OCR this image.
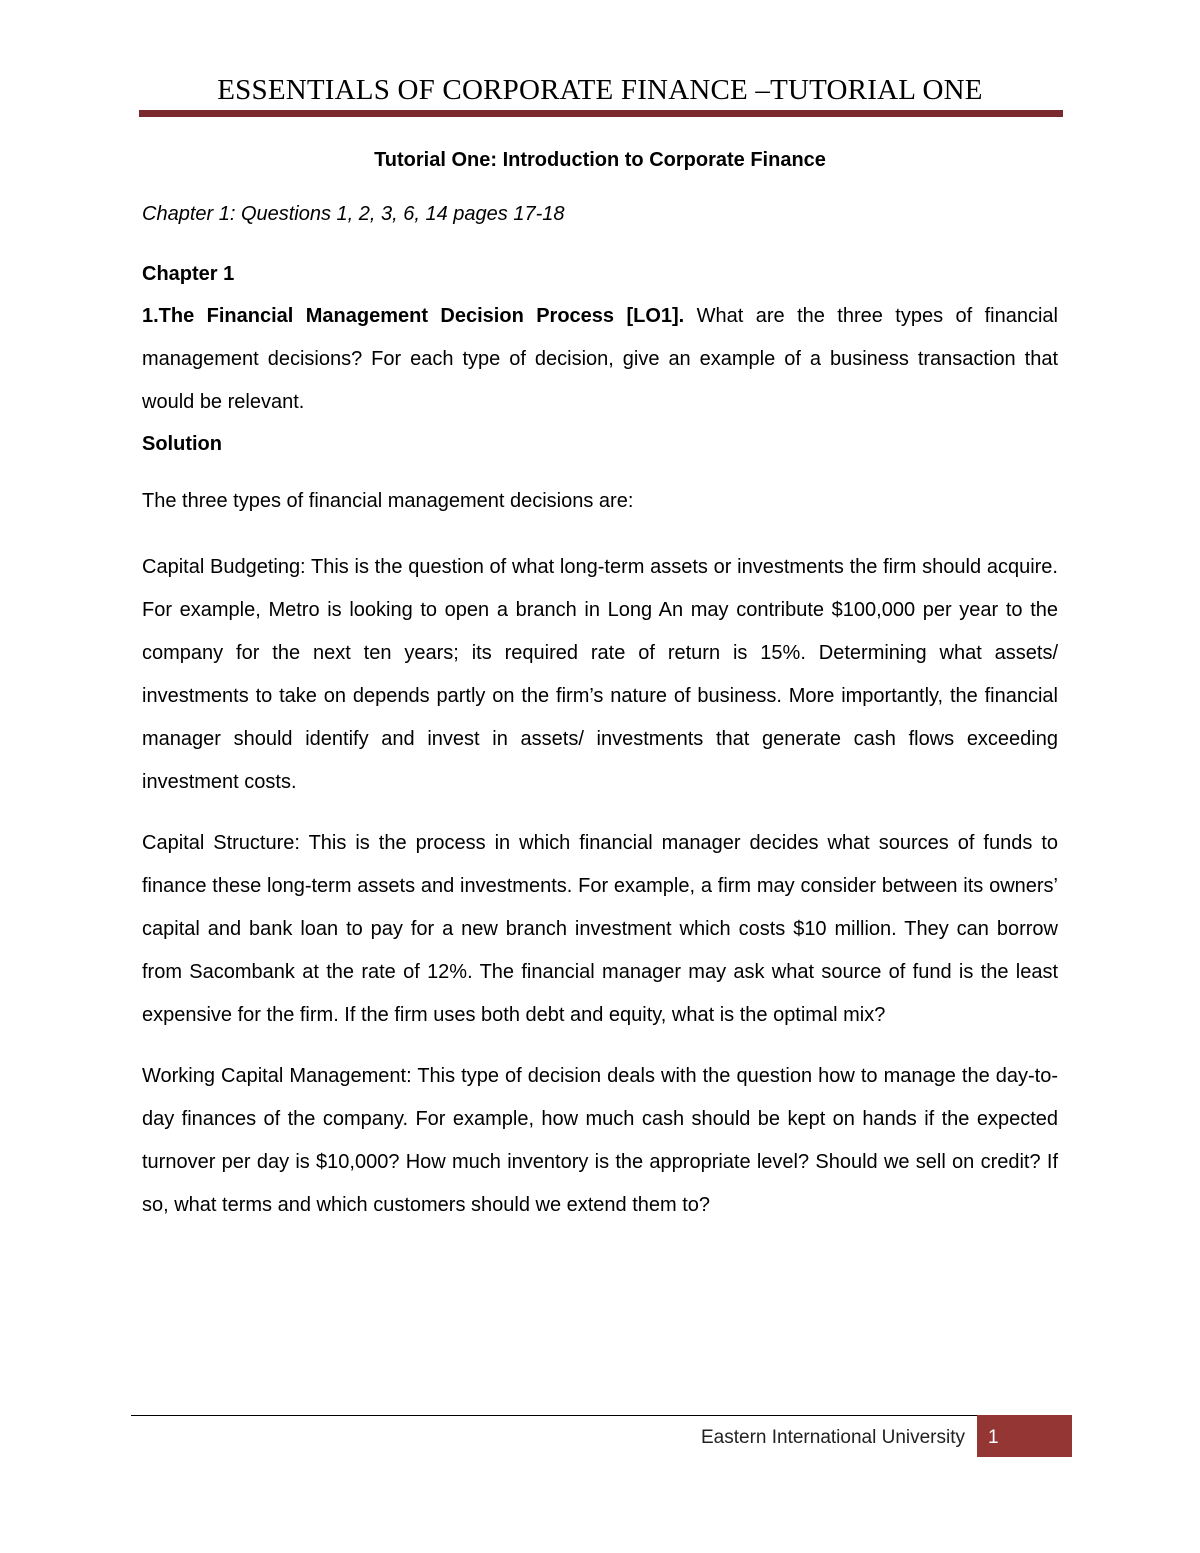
ESSENTIALS OF CORPORATE FINANCE –TUTORIAL ONE

Tutorial One: Introduction to Corporate Finance

Chapter 1: Questions 1, 2, 3, 6, 14 pages 17-18

Chapter 1

1.The Financial Management Decision Process [LO1]. What are the three types of financial management decisions? For each type of decision, give an example of a business transaction that would be relevant.

Solution

The three types of financial management decisions are:

Capital Budgeting: This is the question of what long-term assets or investments the firm should acquire. For example, Metro is looking to open a branch in Long An may contribute $100,000 per year to the company for the next ten years; its required rate of return is 15%. Determining what assets/ investments to take on depends partly on the firm’s nature of business. More importantly, the financial manager should identify and invest in assets/ investments that generate cash flows exceeding investment costs.

Capital Structure: This is the process in which financial manager decides what sources of funds to finance these long-term assets and investments. For example, a firm may consider between its owners’ capital and bank loan to pay for a new branch investment which costs $10 million. They can borrow from Sacombank at the rate of 12%. The financial manager may ask what source of fund is the least expensive for the firm. If the firm uses both debt and equity, what is the optimal mix?

Working Capital Management: This type of decision deals with the question how to manage the day-to-day finances of the company. For example, how much cash should be kept on hands if the expected turnover per day is $10,000? How much inventory is the appropriate level? Should we sell on credit? If so, what terms and which customers should we extend them to?

Eastern International University 1
